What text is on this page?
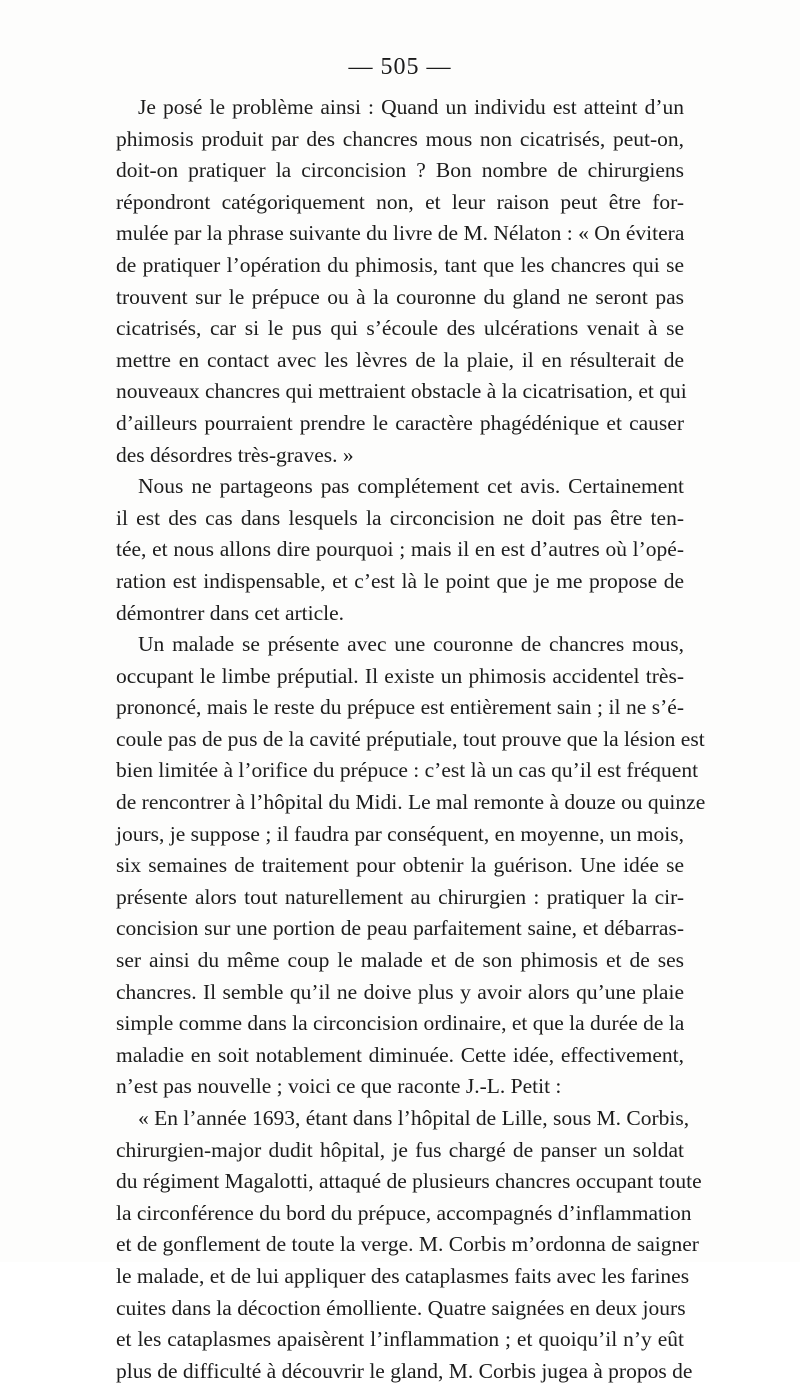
— 505 —
Je posé le problème ainsi : Quand un individu est atteint d’un
phimosis produit par des chancres mous non cicatrisés, peut-on,
doit-on pratiquer la circoncision ? Bon nombre de chirurgiens
répondront catégoriquement non, et leur raison peut être for-
mulée par la phrase suivante du livre de M. Nélaton : « On évitera
de pratiquer l’opération du phimosis, tant que les chancres qui se
trouvent sur le prépuce ou à la couronne du gland ne seront pas
cicatrisés, car si le pus qui s’écoule des ulcérations venait à se
mettre en contact avec les lèvres de la plaie, il en résulterait de
nouveaux chancres qui mettraient obstacle à la cicatrisation, et qui
d’ailleurs pourraient prendre le caractère phagédénique et causer
des désordres très-graves. »
Nous ne partageons pas complétement cet avis. Certainement
il est des cas dans lesquels la circoncision ne doit pas être ten-
tée, et nous allons dire pourquoi ; mais il en est d’autres où l’opé-
ration est indispensable, et c’est là le point que je me propose de
démontrer dans cet article.
Un malade se présente avec une couronne de chancres mous,
occupant le limbe préputial. Il existe un phimosis accidentel très-
prononcé, mais le reste du prépuce est entièrement sain ; il ne s’é-
coule pas de pus de la cavité préputiale, tout prouve que la lésion est
bien limitée à l’orifice du prépuce : c’est là un cas qu’il est fréquent
de rencontrer à l’hôpital du Midi. Le mal remonte à douze ou quinze
jours, je suppose ; il faudra par conséquent, en moyenne, un mois,
six semaines de traitement pour obtenir la guérison. Une idée se
présente alors tout naturellement au chirurgien : pratiquer la cir-
concision sur une portion de peau parfaitement saine, et débarras-
ser ainsi du même coup le malade et de son phimosis et de ses
chancres. Il semble qu’il ne doive plus y avoir alors qu’une plaie
simple comme dans la circoncision ordinaire, et que la durée de la
maladie en soit notablement diminuée. Cette idée, effectivement,
n’est pas nouvelle ; voici ce que raconte J.-L. Petit :
« En l’année 1693, étant dans l’hôpital de Lille, sous M. Corbis,
chirurgien-major dudit hôpital, je fus chargé de panser un soldat
du régiment Magalotti, attaqué de plusieurs chancres occupant toute
la circonférence du bord du prépuce, accompagnés d’inflammation
et de gonflement de toute la verge. M. Corbis m’ordonna de saigner
le malade, et de lui appliquer des cataplasmes faits avec les farines
cuites dans la décoction émolliente. Quatre saignées en deux jours
et les cataplasmes apaisèrent l’inflammation ; et quoiqu’il n’y eût
plus de difficulté à découvrir le gland, M. Corbis jugea à propos de
